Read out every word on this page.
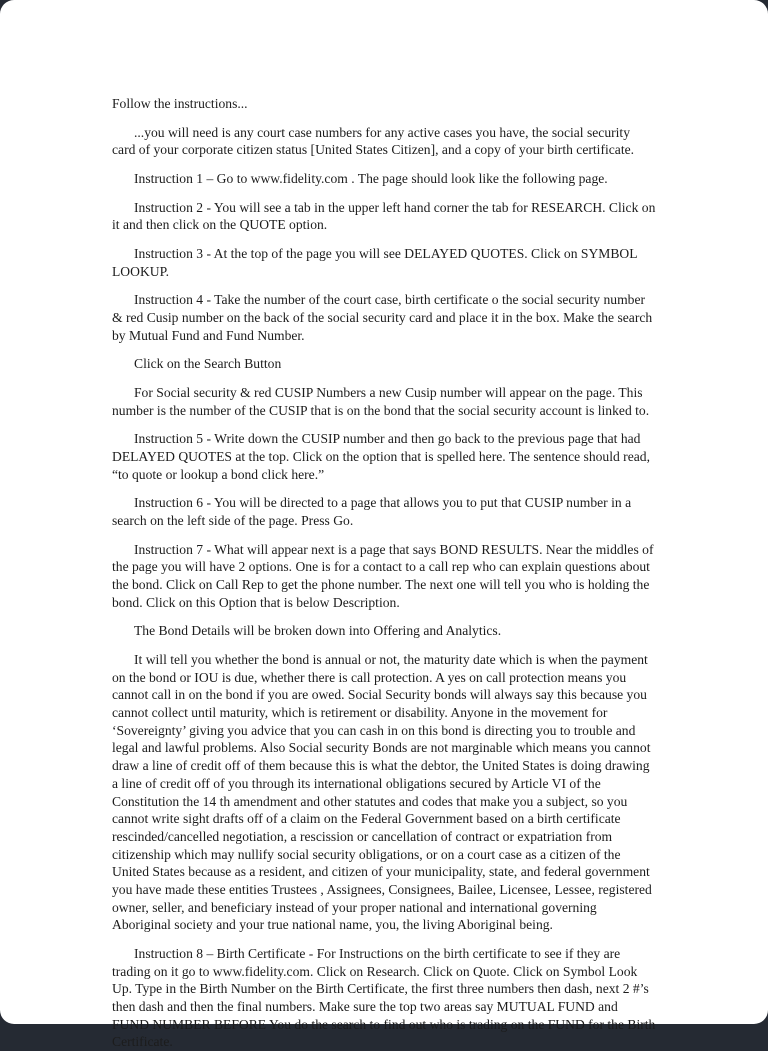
Follow the instructions...

...you will need is any court case numbers for any active cases you have, the social security card of your corporate citizen status [United States Citizen], and a copy of your birth certificate.

Instruction 1 – Go to www.fidelity.com . The page should look like the following page.

Instruction 2 - You will see a tab in the upper left hand corner the tab for RESEARCH. Click on it and then click on the QUOTE option.

Instruction 3 - At the top of the page you will see DELAYED QUOTES. Click on SYMBOL LOOKUP.

Instruction 4 - Take the number of the court case, birth certificate o the social security number & red Cusip number on the back of the social security card and place it in the box. Make the search by Mutual Fund and Fund Number.

Click on the Search Button

For Social security & red CUSIP Numbers a new Cusip number will appear on the page. This number is the number of the CUSIP that is on the bond that the social security account is linked to.

Instruction 5 - Write down the CUSIP number and then go back to the previous page that had DELAYED QUOTES at the top. Click on the option that is spelled here. The sentence should read, “to quote or lookup a bond click here.”

Instruction 6 - You will be directed to a page that allows you to put that CUSIP number in a search on the left side of the page. Press Go.

Instruction 7 - What will appear next is a page that says BOND RESULTS. Near the middles of the page you will have 2 options. One is for a contact to a call rep who can explain questions about the bond. Click on Call Rep to get the phone number. The next one will tell you who is holding the bond. Click on this Option that is below Description.

The Bond Details will be broken down into Offering and Analytics.

It will tell you whether the bond is annual or not, the maturity date which is when the payment on the bond or IOU is due, whether there is call protection. A yes on call protection means you cannot call in on the bond if you are owed. Social Security bonds will always say this because you cannot collect until maturity, which is retirement or disability. Anyone in the movement for ‘Sovereignty’ giving you advice that you can cash in on this bond is directing you to trouble and legal and lawful problems. Also Social security Bonds are not marginable which means you cannot draw a line of credit off of them because this is what the debtor, the United States is doing drawing a line of credit off of you through its international obligations secured by Article VI of the Constitution the 14 th amendment and other statutes and codes that make you a subject, so you cannot write sight drafts off of a claim on the Federal Government based on a birth certificate rescinded/cancelled negotiation, a rescission or cancellation of contract or expatriation from citizenship which may nullify social security obligations, or on a court case as a citizen of the United States because as a resident, and citizen of your municipality, state, and federal government you have made these entities Trustees , Assignees, Consignees, Bailee, Licensee, Lessee, registered owner, seller, and beneficiary instead of your proper national and international governing Aboriginal society and your true national name, you, the living Aboriginal being.

Instruction 8 – Birth Certificate - For Instructions on the birth certificate to see if they are trading on it go to www.fidelity.com. Click on Research. Click on Quote. Click on Symbol Look Up. Type in the Birth Number on the Birth Certificate, the first three numbers then dash, next 2 #’s then dash and then the final numbers. Make sure the top two areas say MUTUAL FUND and FUND NUMBER BEFORE You do the search to find out who is trading on the FUND for the Birth Certificate.
